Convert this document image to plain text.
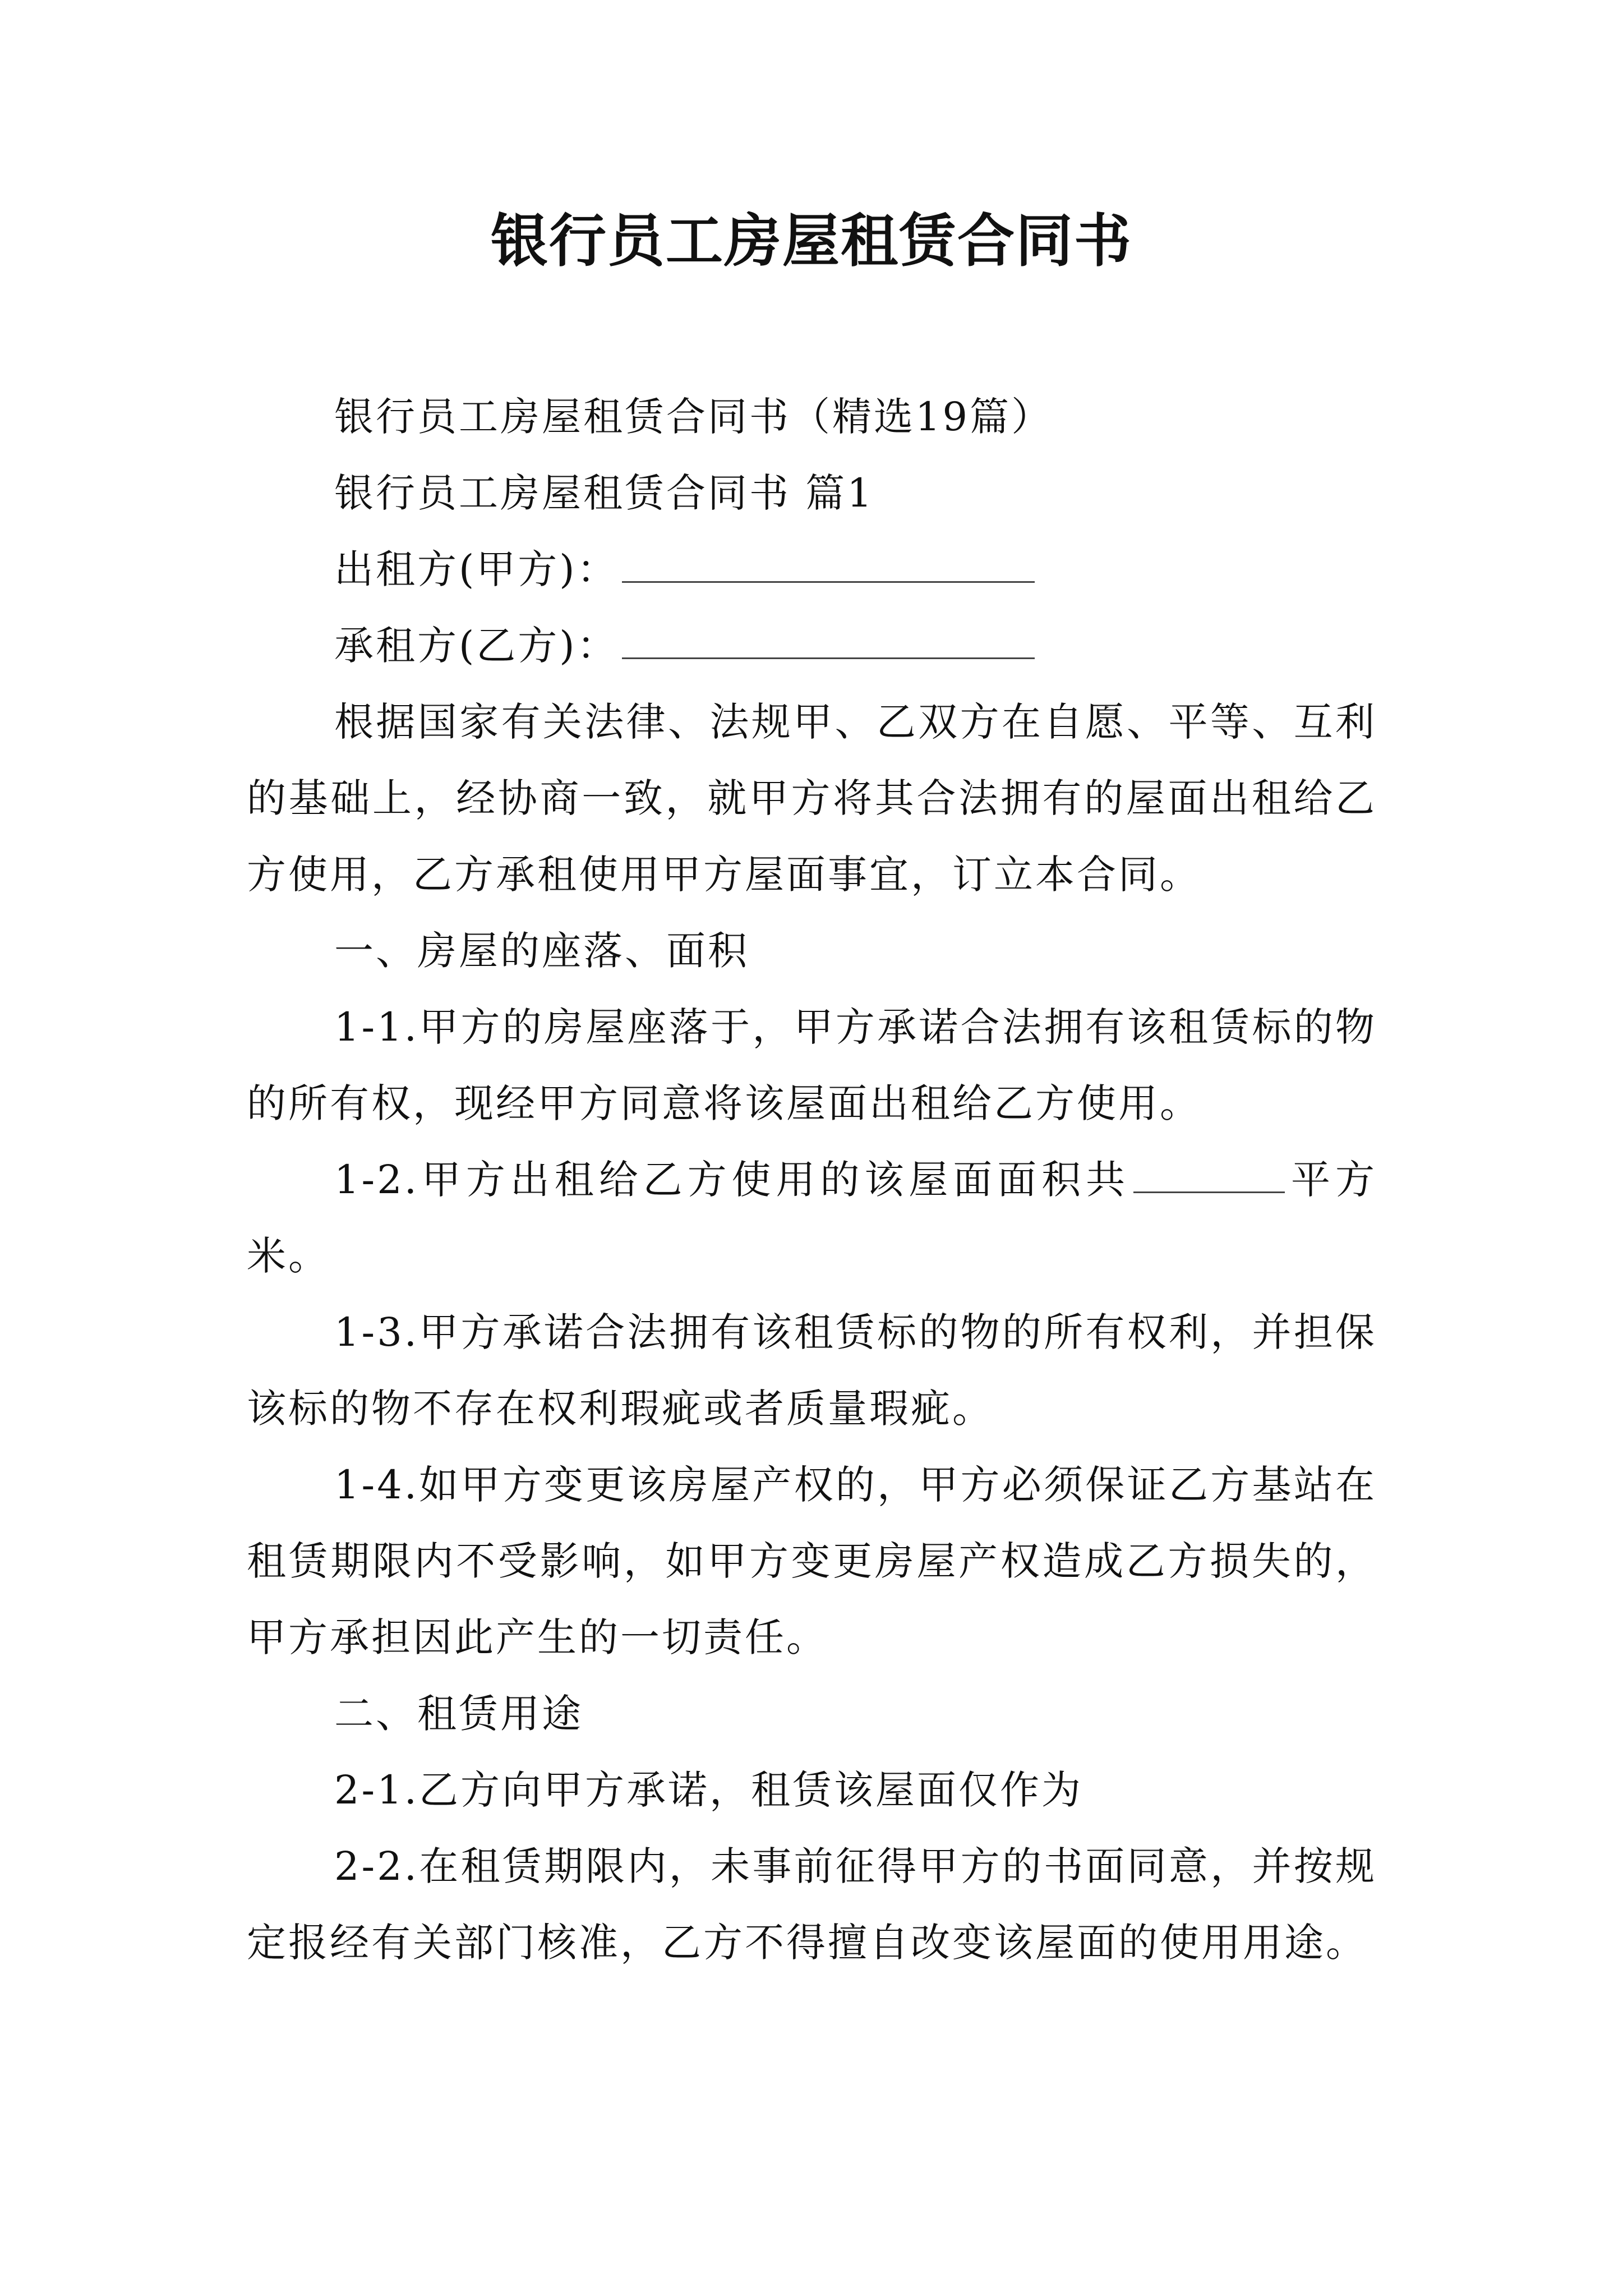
银行员工房屋租赁合同书

银行员工房屋租赁合同书（精选19篇）

银行员工房屋租赁合同书 篇1

出租方(甲方)：

承租方(乙方)：

根据国家有关法律、法规甲、乙双方在自愿、平等、互利的基础上，经协商一致，就甲方将其合法拥有的屋面出租给乙方使用，乙方承租使用甲方屋面事宜，订立本合同。

一、房屋的座落、面积

1-1.甲方的房屋座落于，甲方承诺合法拥有该租赁标的物的所有权，现经甲方同意将该屋面出租给乙方使用。

1-2.甲方出租给乙方使用的该屋面面积共	平方米。

1-3.甲方承诺合法拥有该租赁标的物的所有权利，并担保该标的物不存在权利瑕疵或者质量瑕疵。

1-4.如甲方变更该房屋产权的，甲方必须保证乙方基站在租赁期限内不受影响，如甲方变更房屋产权造成乙方损失的，甲方承担因此产生的一切责任。

二、租赁用途

2-1.乙方向甲方承诺，租赁该屋面仅作为

2-2.在租赁期限内，未事前征得甲方的书面同意，并按规定报经有关部门核准，乙方不得擅自改变该屋面的使用用途。
